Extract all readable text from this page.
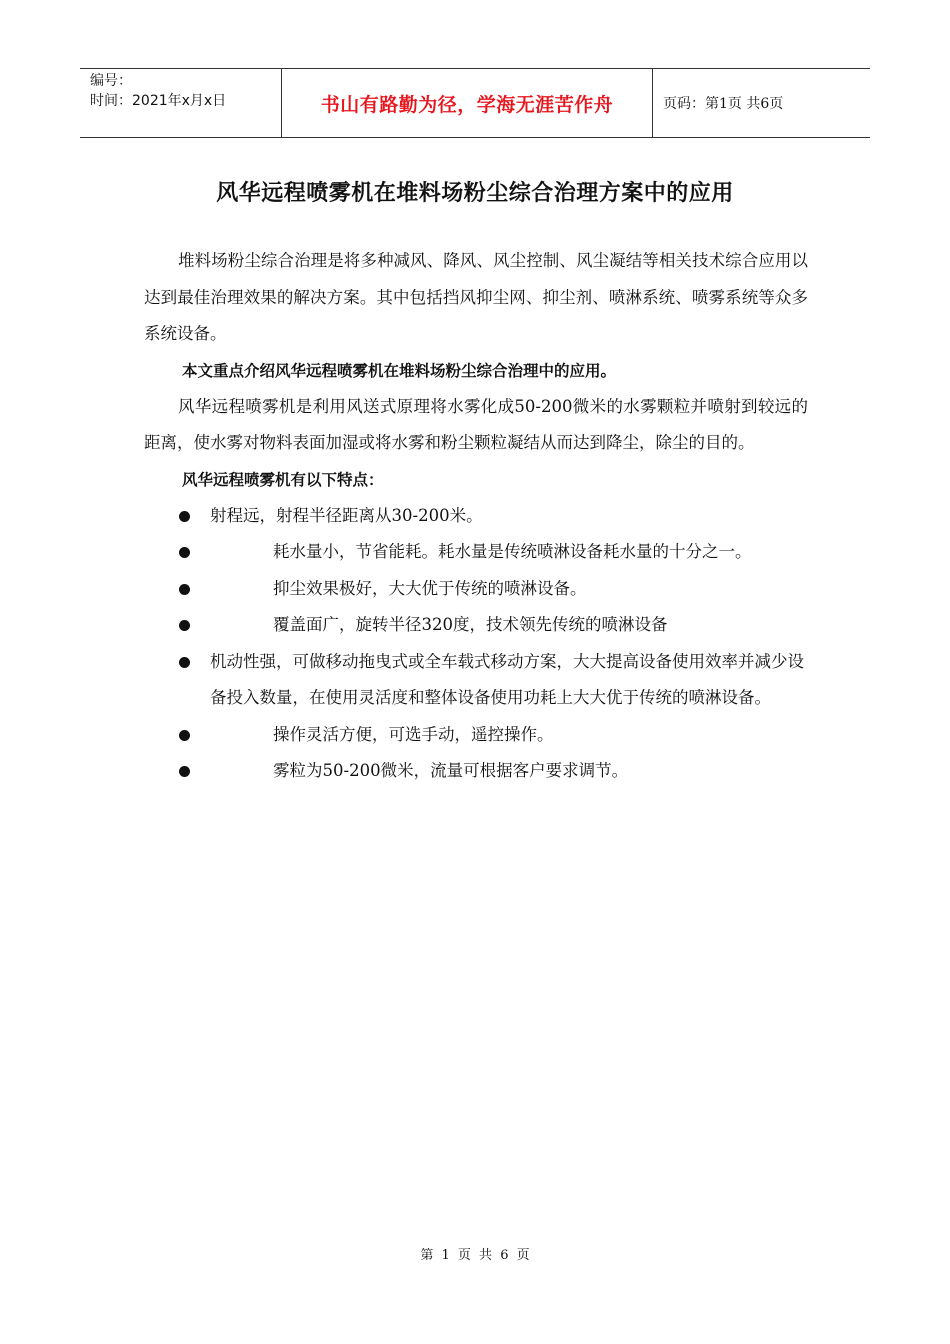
编号：
时间：2021年x月x日	书山有路勤为径，学海无涯苦作舟	页码：第1页 共6页
风华远程喷雾机在堆料场粉尘综合治理方案中的应用

堆料场粉尘综合治理是将多种减风、降风、风尘控制、风尘凝结等相关技术综合应用以达到最佳治理效果的解决方案。其中包括挡风抑尘网、抑尘剂、喷淋系统、喷雾系统等众多系统设备。

本文重点介绍风华远程喷雾机在堆料场粉尘综合治理中的应用。

风华远程喷雾机是利用风送式原理将水雾化成50-200微米的水雾颗粒并喷射到较远的距离，使水雾对物料表面加湿或将水雾和粉尘颗粒凝结从而达到降尘，除尘的目的。

风华远程喷雾机有以下特点：

射程远，射程半径距离从30-200米。
耗水量小，节省能耗。耗水量是传统喷淋设备耗水量的十分之一。
抑尘效果极好，大大优于传统的喷淋设备。
覆盖面广，旋转半径320度，技术领先传统的喷淋设备
机动性强，可做移动拖曳式或全车载式移动方案，大大提高设备使用效率并减少设备投入数量，在使用灵活度和整体设备使用功耗上大大优于传统的喷淋设备。
操作灵活方便，可选手动，遥控操作。
雾粒为50-200微米，流量可根据客户要求调节。
第 1 页 共 6 页
